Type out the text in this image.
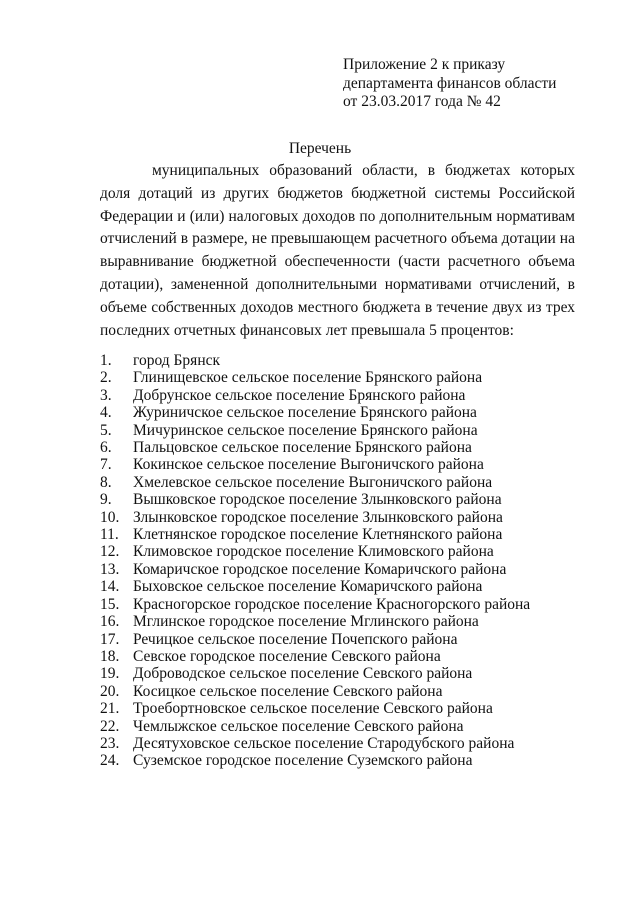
Приложение 2 к приказу
департамента финансов области
от 23.03.2017 года № 42
Перечень

муниципальных образований области, в бюджетах которых доля дотаций из других бюджетов бюджетной системы Российской Федерации и (или) налоговых доходов по дополнительным нормативам отчислений в размере, не превышающем расчетного объема дотации на выравнивание бюджетной обеспеченности (части расчетного объема дотации), замененной дополнительными нормативами отчислений, в объеме собственных доходов местного бюджета в течение двух из трех последних отчетных финансовых лет превышала 5 процентов:

1.	город Брянск
2.	Глинищевское сельское поселение Брянского района
3.	Добрунское сельское поселение Брянского района
4.	Журиничское сельское поселение Брянского района
5.	Мичуринское сельское поселение Брянского района
6.	Пальцовское сельское поселение Брянского района
7.	Кокинское сельское поселение Выгоничского района
8.	Хмелевское сельское поселение Выгоничского района
9.	Вышковское городское поселение Злынковского района
10. Злынковское городское поселение Злынковского района
11. Клетнянское городское поселение Клетнянского района
12. Климовское городское поселение Климовского района
13. Комаричское городское поселение Комаричского района
14. Быховское сельское поселение Комаричского района
15. Красногорское городское поселение Красногорского района
16. Мглинское городское поселение Мглинского района
17. Речицкое сельское поселение Почепского района
18. Севское городское поселение Севского района
19. Доброводское сельское поселение Севского района
20. Косицкое сельское поселение Севского района
21. Троебортновское сельское поселение Севского района
22. Чемлыжское сельское поселение Севского района
23. Десятуховское сельское поселение Стародубского района
24. Суземское городское поселение Суземского района
